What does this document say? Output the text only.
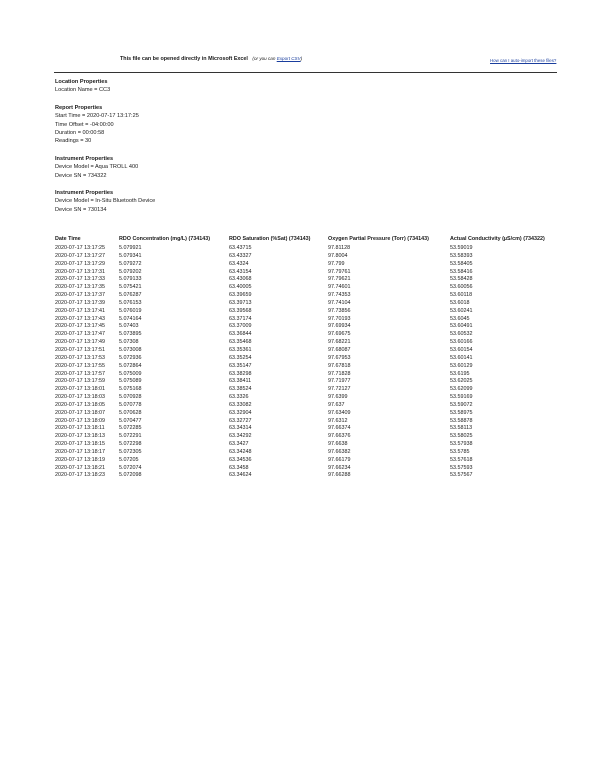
This file can be opened directly in Microsoft Excel (or you can Export CSV)	How can I auto-import these files?
Location Properties
Location Name = CC3
Report Properties
Start Time = 2020-07-17 13:17:25
Time Offset = -04:00:00
Duration = 00:00:58
Readings = 30
Instrument Properties
Device Model = Aqua TROLL 400
Device SN = 734322
Instrument Properties
Device Model = In-Situ Bluetooth Device
Device SN = 730134
Date Time	RDO Concentration (mg/L) (734143)	RDO Saturation (%Sat) (734143)	Oxygen Partial Pressure (Torr) (734143)	Actual Conductivity (µS/cm) (734322)
2020-07-17 13:17:25	5.079921	63.43715	97.81128	53.59019
2020-07-17 13:17:27	5.079341	63.43327	97.8004	53.58393
2020-07-17 13:17:29	5.079272	63.4324	97.799	53.58405
2020-07-17 13:17:31	5.079202	63.43154	97.79761	53.58416
2020-07-17 13:17:33	5.079133	63.43068	97.79621	53.58428
2020-07-17 13:17:35	5.075421	63.40005	97.74601	53.60056
2020-07-17 13:17:37	5.076287	63.39659	97.74353	53.60118
2020-07-17 13:17:39	5.076153	63.39713	97.74104	53.6018
2020-07-17 13:17:41	5.076019	63.39568	97.73856	53.60241
2020-07-17 13:17:43	5.074164	63.37174	97.70193	53.6045
2020-07-17 13:17:45	5.07403	63.37009	97.69934	53.60491
2020-07-17 13:17:47	5.073895	63.36844	97.69675	53.60532
2020-07-17 13:17:49	5.07308	63.35468	97.68221	53.60166
2020-07-17 13:17:51	5.073008	63.35361	97.68087	53.60154
2020-07-17 13:17:53	5.072936	63.35254	97.67953	53.60141
2020-07-17 13:17:55	5.072864	63.35147	97.67818	53.60129
2020-07-17 13:17:57	5.075009	63.38298	97.71828	53.6195
2020-07-17 13:17:59	5.075089	63.38411	97.71977	53.62025
2020-07-17 13:18:01	5.075168	63.38524	97.72127	53.62099
2020-07-17 13:18:03	5.070928	63.3326	97.6399	53.59169
2020-07-17 13:18:05	5.070778	63.33082	97.637	53.59072
2020-07-17 13:18:07	5.070628	63.32904	97.63409	53.58975
2020-07-17 13:18:09	5.070477	63.32727	97.6312	53.58878
2020-07-17 13:18:11	5.072285	63.34314	97.66374	53.58113
2020-07-17 13:18:13	5.072291	63.34292	97.66376	53.58025
2020-07-17 13:18:15	5.072298	63.3427	97.6638	53.57938
2020-07-17 13:18:17	5.072305	63.34248	97.66382	53.5785
2020-07-17 13:18:19	5.07205	63.34536	97.66179	53.57618
2020-07-17 13:18:21	5.072074	63.3458	97.66234	53.57593
2020-07-17 13:18:23	5.072098	63.34624	97.66288	53.57567
